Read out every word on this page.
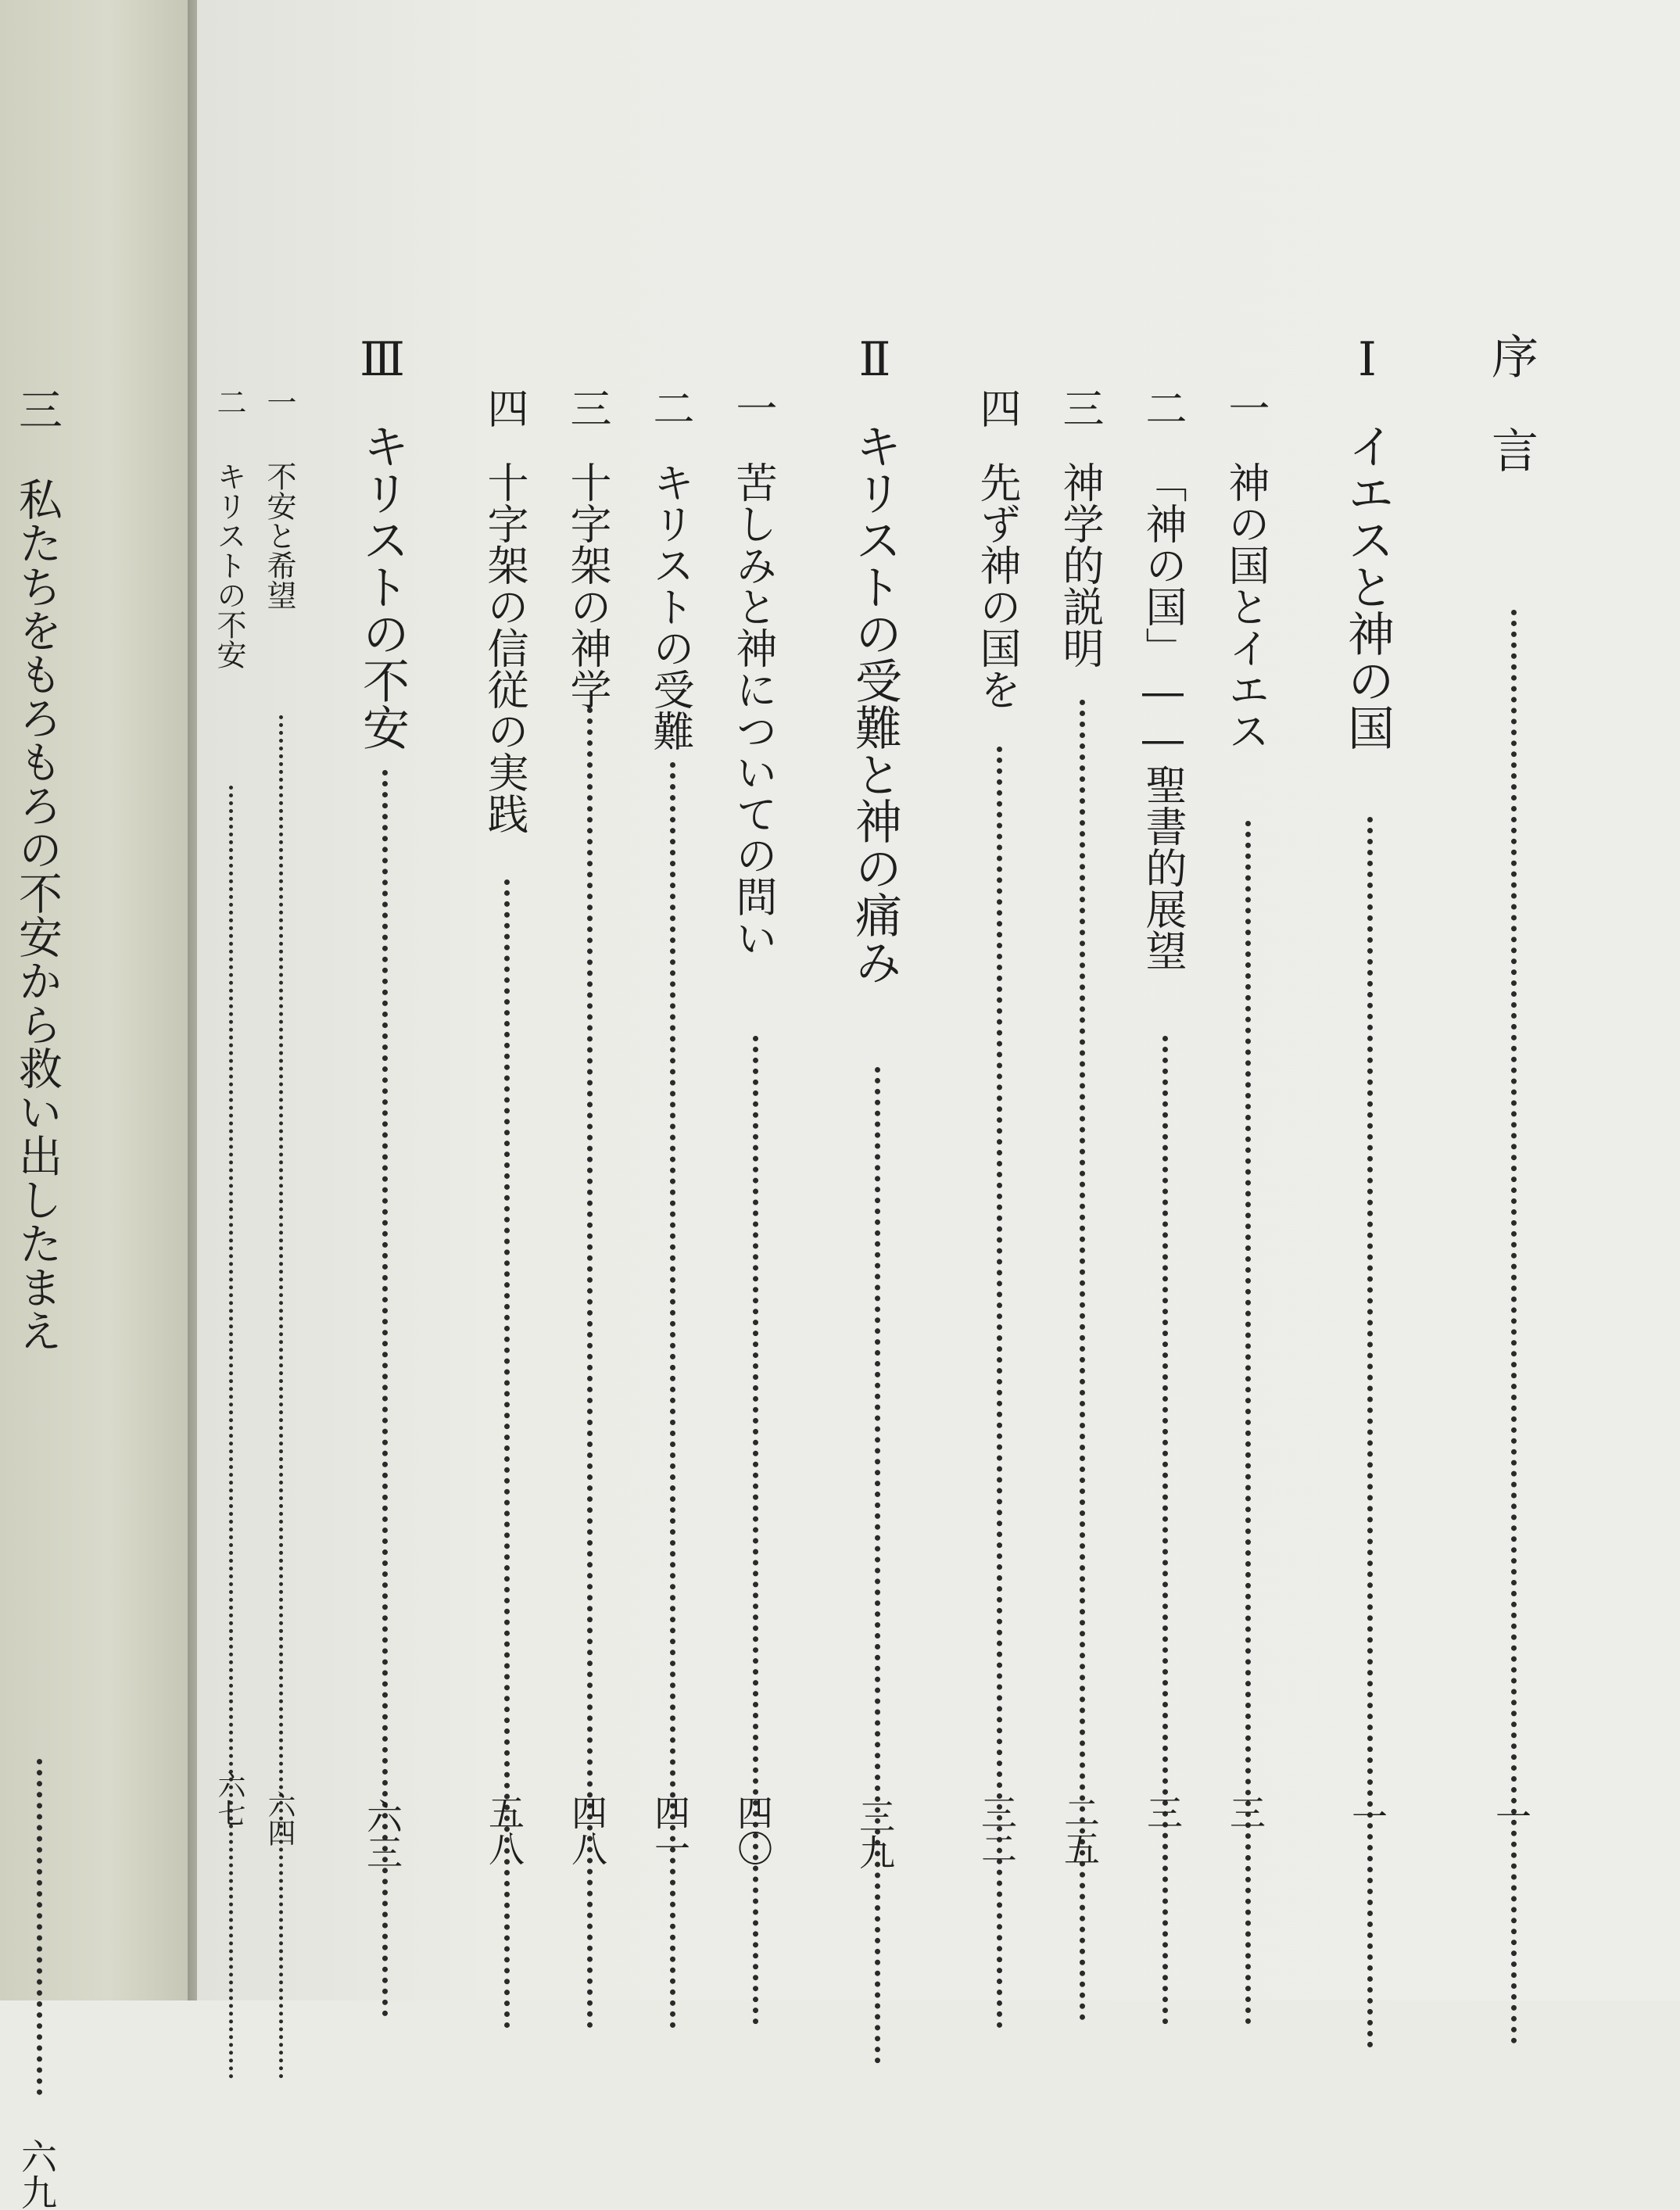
三
私たちをもろもろの不安から救い出したまえ
六九
序　言
一
Ⅰ
イエスと神の国
一
一
神の国とイエス
三
二
「神の国」――聖書的展望
三
三
神学的説明
二五
四
先ず神の国を
三二
Ⅱ
キリストの受難と神の痛み
三九
一
苦しみと神についての問い
四〇
二
キリストの受難
四一
三
十字架の神学
四八
四
十字架の信従の実践
五八
Ⅲ
キリストの不安
六三
一
不安と希望
六四
二
キリストの不安
六七
